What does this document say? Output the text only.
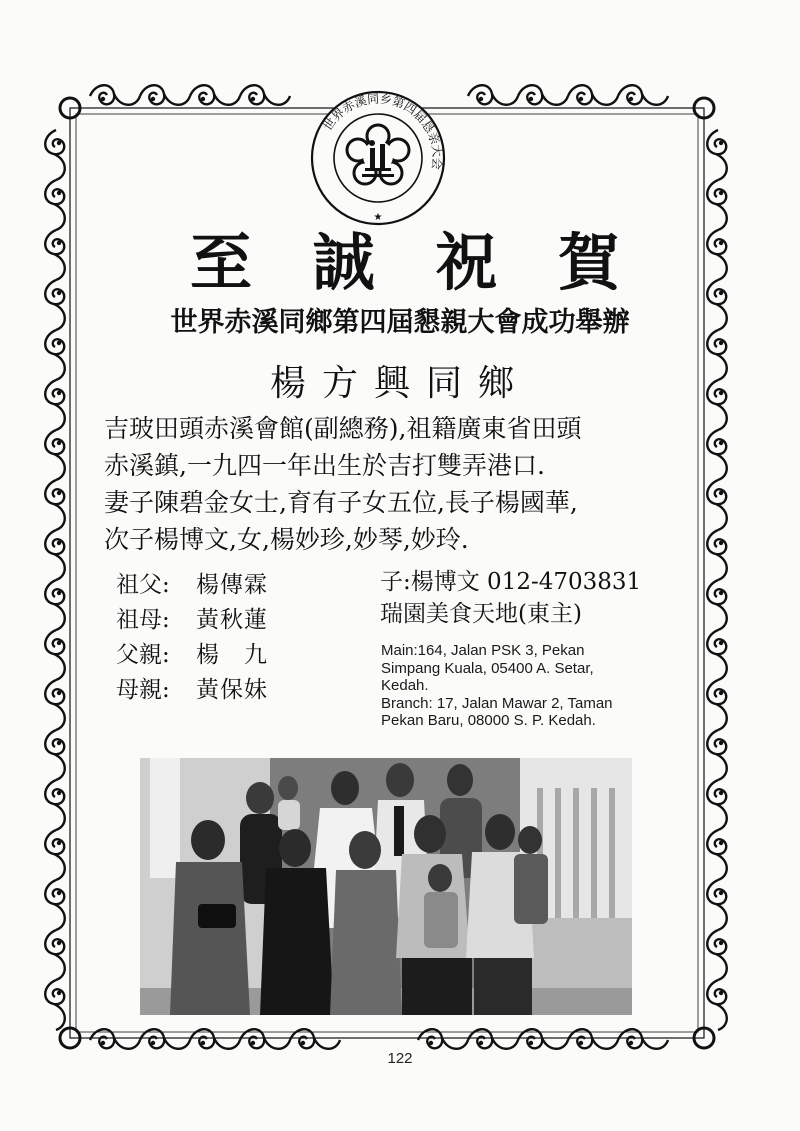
世界赤溪同乡第四届恳亲大会
★
至 誠 祝 賀
世界赤溪同鄉第四屆懇親大會成功舉辦
楊方興同鄉
吉玻田頭赤溪會館(副總務),祖籍廣東省田頭
赤溪鎮,一九四一年出生於吉打雙弄港口.
妻子陳碧金女士,育有子女五位,長子楊國華,
次子楊博文,女,楊妙珍,妙琴,妙玲.
祖父:	楊傳霖
祖母:	黃秋蓮
父親:	楊　九
母親:	黃保妹
子:楊博文 012-4703831
瑞園美食天地(東主)
Main:164, Jalan PSK 3, Pekan
Simpang Kuala, 05400 A. Setar,
Kedah.
Branch: 17, Jalan Mawar 2, Taman
Pekan Baru, 08000 S. P. Kedah.
122
